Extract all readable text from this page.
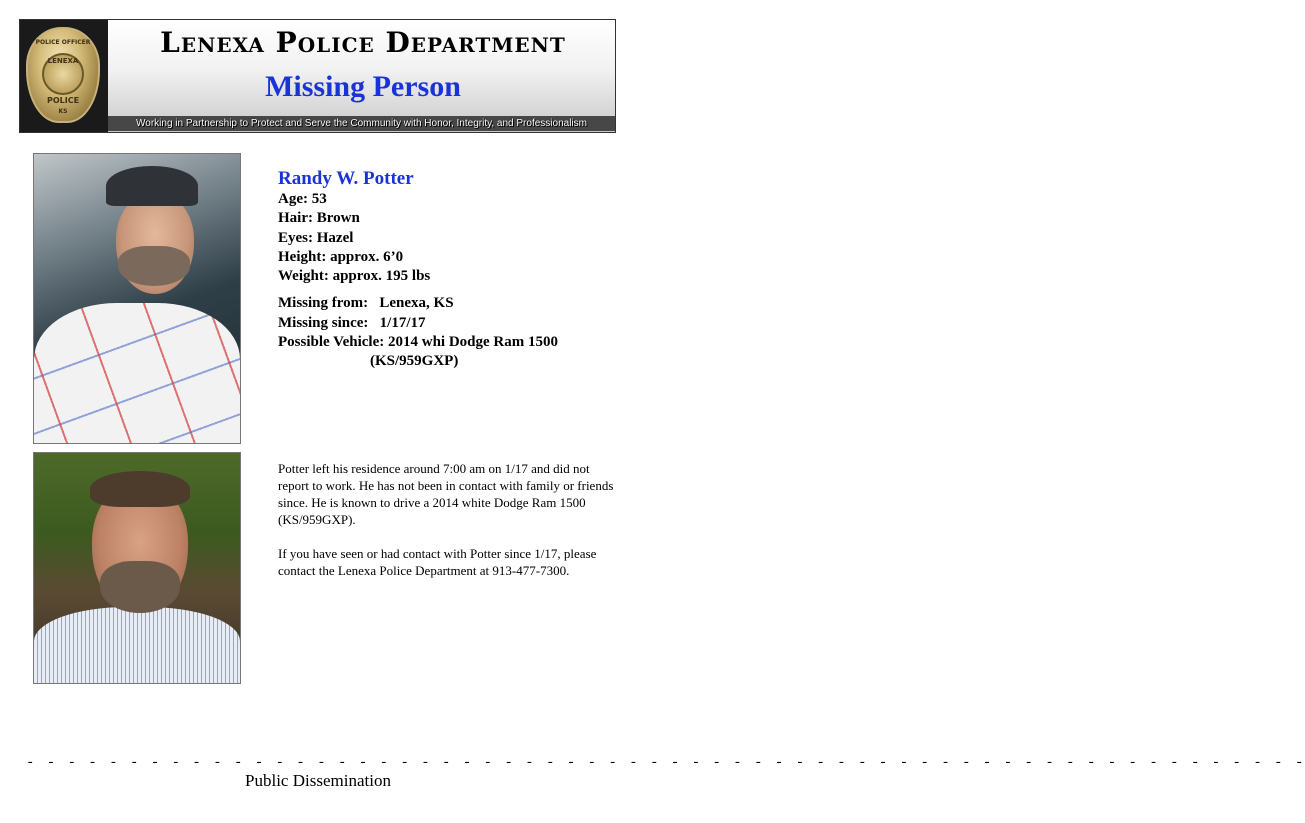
POLICE OFFICER
LENEXA
POLICE
KS
Lenexa Police Department
Missing Person
Working in Partnership to Protect and Serve the Community with Honor, Integrity, and Professionalism
Randy W. Potter
Age: 53
Hair: Brown
Eyes: Hazel
Height: approx. 6’0
Weight: approx. 195 lbs
Missing from:   Lenexa, KS
Missing since:   1/17/17
Possible Vehicle: 2014 whi Dodge Ram 1500
(KS/959GXP)

Potter left his residence around 7:00 am on 1/17 and did not report to work. He has not been in contact with family or friends since. He is known to drive a 2014 white Dodge Ram 1500 (KS/959GXP).

If you have seen or had contact with Potter since 1/17, please contact the Lenexa Police Department at 913-477-7300.

- - - - - - - - - - - - - - - - - - - - - - - - - - - - - - - - - - - - - - - - - - - - - - - - - - - - - - - - - - - - - -
Public Dissemination
